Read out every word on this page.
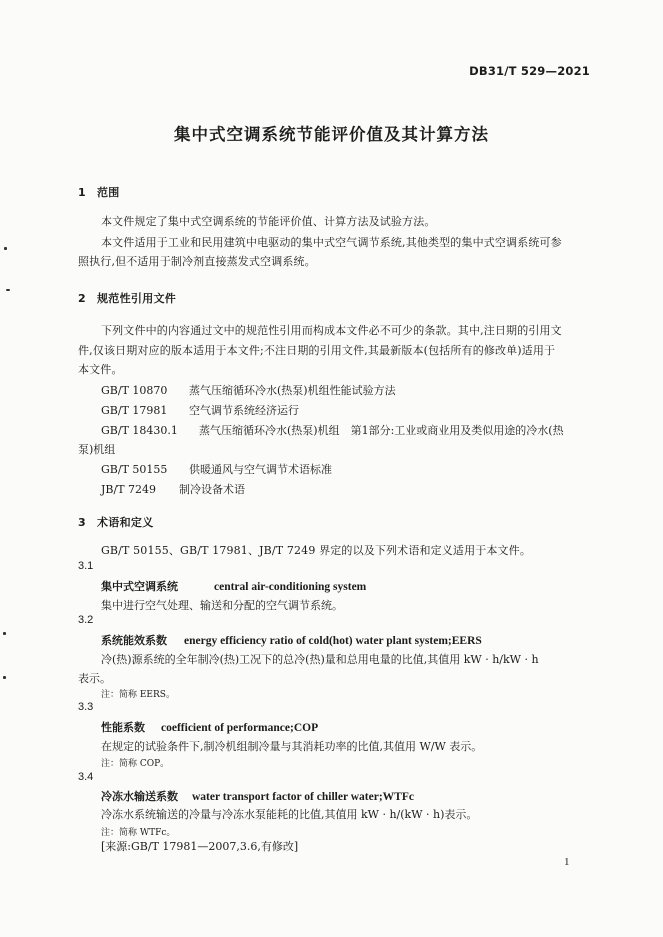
DB31/T 529—2021
集中式空调系统节能评价值及其计算方法
1 范围
本文件规定了集中式空调系统的节能评价值、计算方法及试验方法。
本文件适用于工业和民用建筑中电驱动的集中式空气调节系统,其他类型的集中式空调系统可参
照执行,但不适用于制冷剂直接蒸发式空调系统。
2 规范性引用文件
下列文件中的内容通过文中的规范性引用而构成本文件必不可少的条款。其中,注日期的引用文
件,仅该日期对应的版本适用于本文件;不注日期的引用文件,其最新版本(包括所有的修改单)适用于
本文件。
GB/T 10870 蒸气压缩循环冷水(热泵)机组性能试验方法
GB/T 17981 空气调节系统经济运行
GB/T 18430.1 蒸气压缩循环冷水(热泵)机组　第1部分:工业或商业用及类似用途的冷水(热
泵)机组
GB/T 50155 供暖通风与空气调节术语标准
JB/T 7249 制冷设备术语
3 术语和定义
GB/T 50155、GB/T 17981、JB/T 7249 界定的以及下列术语和定义适用于本文件。
3.1
集中式空调系统	central air-conditioning system
集中进行空气处理、输送和分配的空气调节系统。
3.2
系统能效系数 energy efficiency ratio of cold(hot) water plant system;EERS
冷(热)源系统的全年制冷(热)工况下的总冷(热)量和总用电量的比值,其值用 kW · h/kW · h
表示。
注：简称 EERS。
3.3
性能系数 coefficient of performance;COP
在规定的试验条件下,制冷机组制冷量与其消耗功率的比值,其值用 W/W 表示。
注：简称 COP。
3.4
冷冻水输送系数 water transport factor of chiller water;WTFc
冷冻水系统输送的冷量与冷冻水泵能耗的比值,其值用 kW · h/(kW · h)表示。
注：简称 WTFc。
[来源:GB/T 17981—2007,3.6,有修改]
1
